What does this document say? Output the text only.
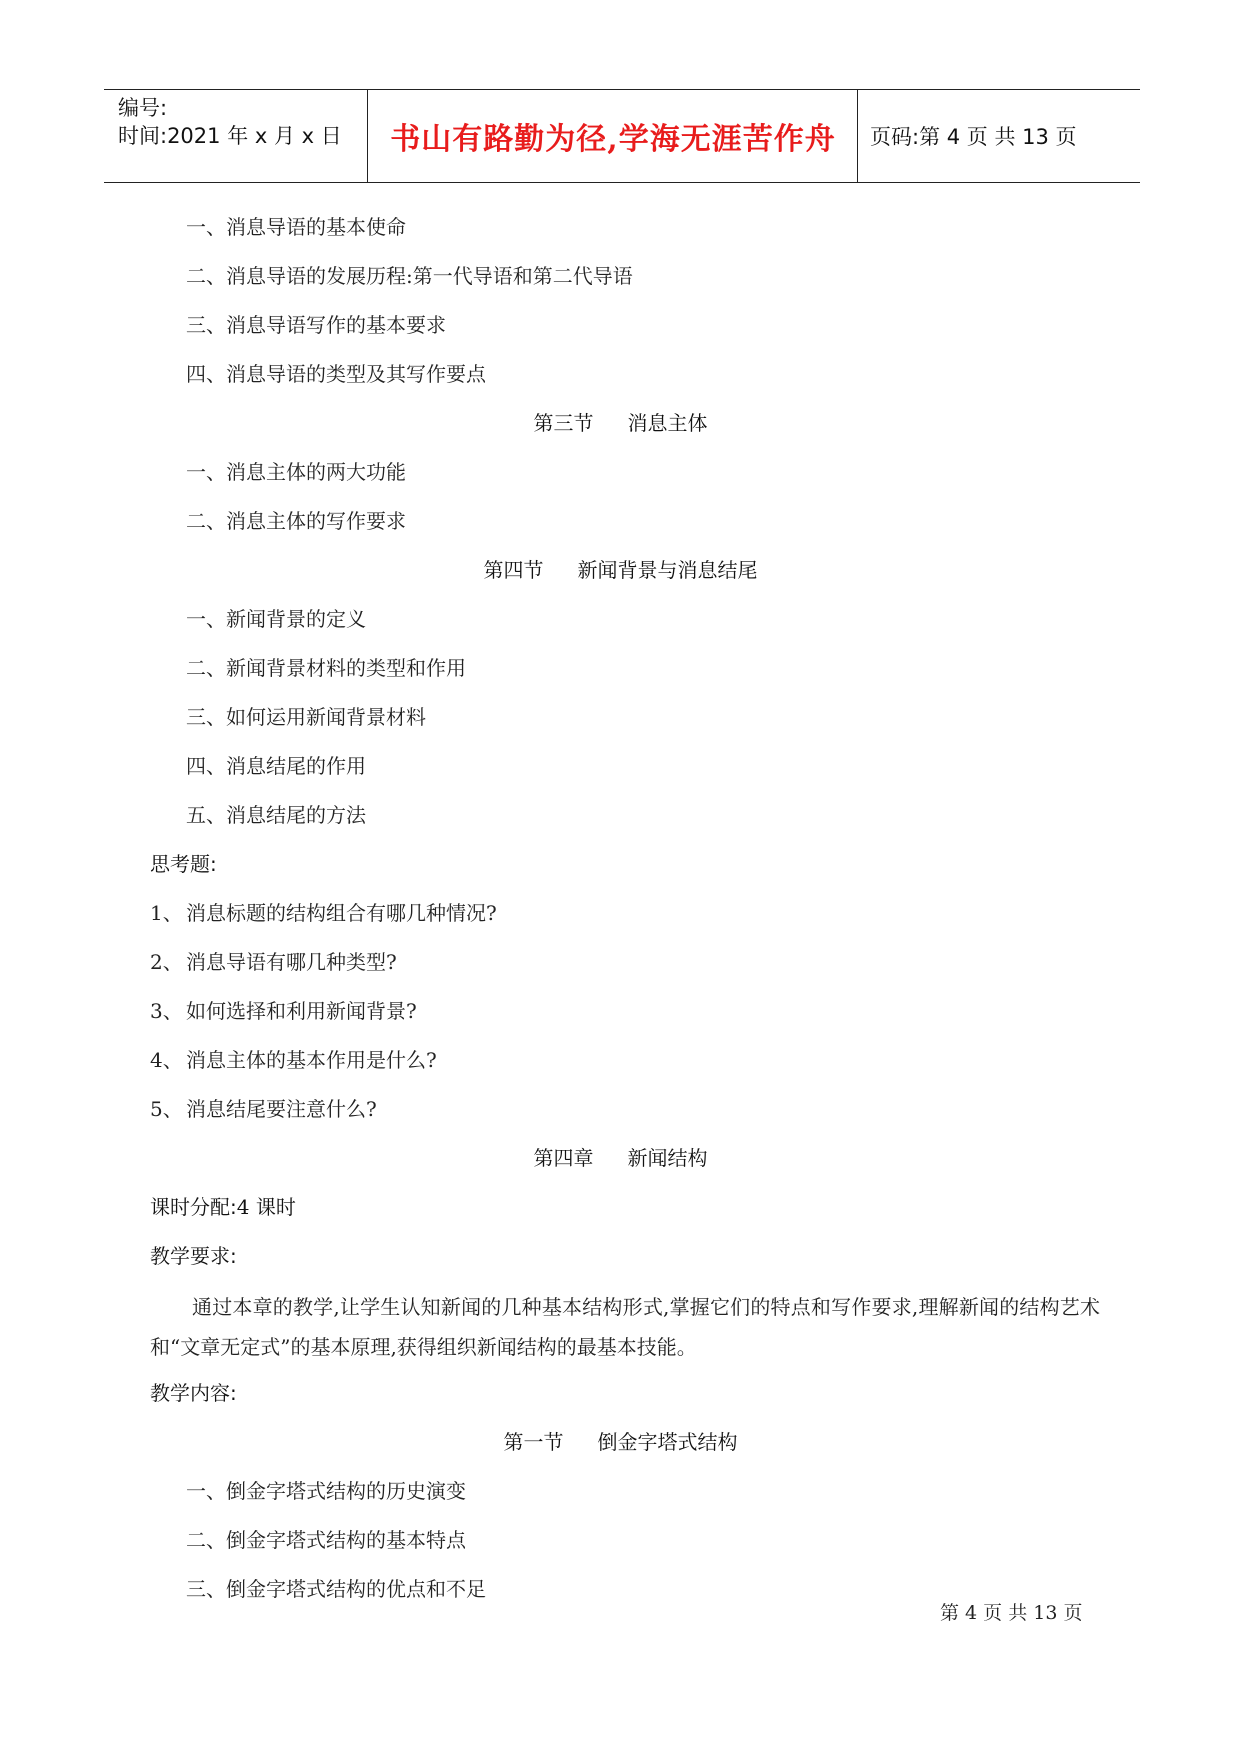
编号:
时间:2021 年 x 月 x 日	书山有路勤为径,学海无涯苦作舟	页码:第 4 页 共 13 页
一、消息导语的基本使命
二、消息导语的发展历程:第一代导语和第二代导语
三、消息导语写作的基本要求
四、消息导语的类型及其写作要点
第三节 消息主体
一、消息主体的两大功能
二、消息主体的写作要求
第四节 新闻背景与消息结尾
一、新闻背景的定义
二、新闻背景材料的类型和作用
三、如何运用新闻背景材料
四、消息结尾的作用
五、消息结尾的方法
思考题:
1、 消息标题的结构组合有哪几种情况?
2、 消息导语有哪几种类型?
3、 如何选择和利用新闻背景?
4、 消息主体的基本作用是什么?
5、 消息结尾要注意什么?
第四章 新闻结构
课时分配:4 课时
教学要求:
通过本章的教学,让学生认知新闻的几种基本结构形式,掌握它们的特点和写作要求,理解新闻的结构艺术和“文章无定式”的基本原理,获得组织新闻结构的最基本技能。
教学内容:
第一节 倒金字塔式结构
一、倒金字塔式结构的历史演变
二、倒金字塔式结构的基本特点
三、倒金字塔式结构的优点和不足
第 4 页 共 13 页
